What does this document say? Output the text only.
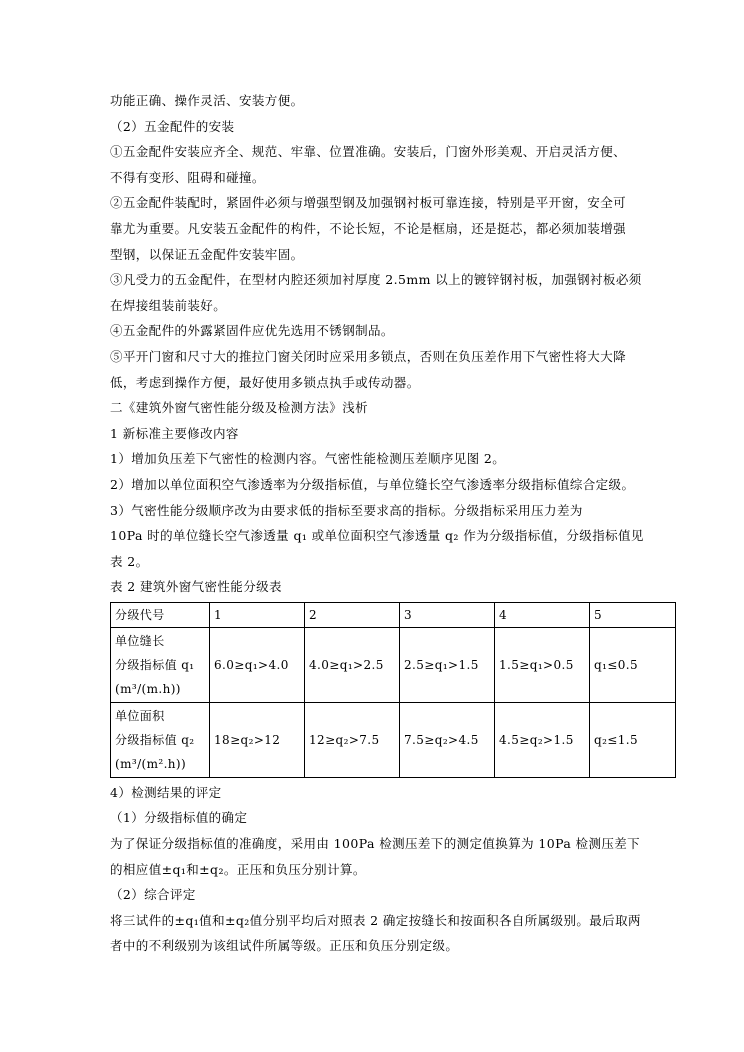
功能正确、操作灵活、安装方便。

（2）五金配件的安装

①五金配件安装应齐全、规范、牢靠、位置准确。安装后，门窗外形美观、开启灵活方便、

不得有变形、阻碍和碰撞。

②五金配件装配时，紧固件必须与增强型钢及加强钢衬板可靠连接，特别是平开窗，安全可

靠尤为重要。凡安装五金配件的构件，不论长短，不论是框扇，还是挺芯，都必须加装增强

型钢，以保证五金配件安装牢固。

③凡受力的五金配件，在型材内腔还须加衬厚度 2.5mm 以上的镀锌钢衬板，加强钢衬板必须

在焊接组装前装好。

④五金配件的外露紧固件应优先选用不锈钢制品。

⑤平开门窗和尺寸大的推拉门窗关闭时应采用多锁点，否则在负压差作用下气密性将大大降

低，考虑到操作方便，最好使用多锁点执手或传动器。

二《建筑外窗气密性能分级及检测方法》浅析

1 新标准主要修改内容

1）增加负压差下气密性的检测内容。气密性能检测压差顺序见图 2。

2）增加以单位面积空气渗透率为分级指标值，与单位缝长空气渗透率分级指标值综合定级。

3）气密性能分级顺序改为由要求低的指标至要求高的指标。分级指标采用压力差为

10Pa 时的单位缝长空气渗透量 q₁ 或单位面积空气渗透量 q₂ 作为分级指标值，分级指标值见

表 2。

表 2 建筑外窗气密性能分级表

分级代号	1	2	3	4	5

单位缝长
分级指标值 q₁
(m³/(m.h))	6.0≥q₁>4.0	4.0≥q₁>2.5	2.5≥q₁>1.5	1.5≥q₁>0.5	q₁≤0.5

单位面积
分级指标值 q₂
(m³/(m².h))	18≥q₂>12	12≥q₂>7.5	7.5≥q₂>4.5	4.5≥q₂>1.5	q₂≤1.5

4）检测结果的评定

（1）分级指标值的确定

为了保证分级指标值的准确度，采用由 100Pa 检测压差下的测定值换算为 10Pa 检测压差下

的相应值±q₁和±q₂。正压和负压分别计算。

（2）综合评定

将三试件的±q₁值和±q₂值分别平均后对照表 2 确定按缝长和按面积各自所属级别。最后取两

者中的不利级别为该组试件所属等级。正压和负压分别定级。
